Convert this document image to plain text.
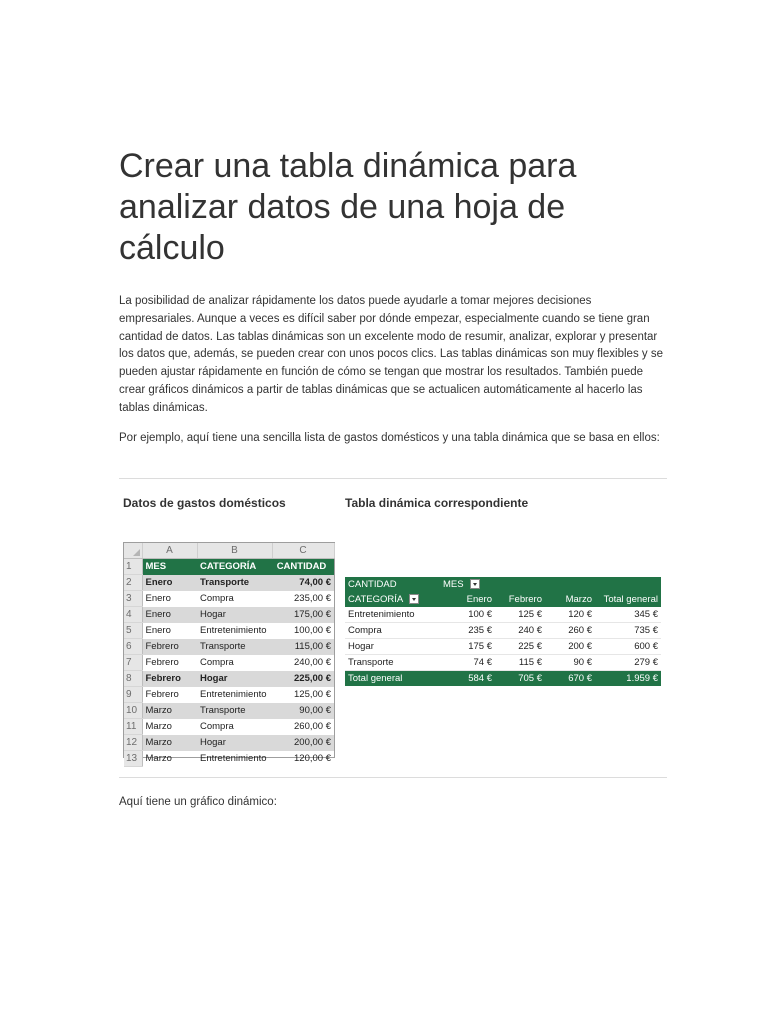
Crear una tabla dinámica para analizar datos de una hoja de cálculo

La posibilidad de analizar rápidamente los datos puede ayudarle a tomar mejores decisiones empresariales. Aunque a veces es difícil saber por dónde empezar, especialmente cuando se tiene gran cantidad de datos. Las tablas dinámicas son un excelente modo de resumir, analizar, explorar y presentar los datos que, además, se pueden crear con unos pocos clics. Las tablas dinámicas son muy flexibles y se pueden ajustar rápidamente en función de cómo se tengan que mostrar los resultados. También puede crear gráficos dinámicos a partir de tablas dinámicas que se actualicen automáticamente al hacerlo las tablas dinámicas.

Por ejemplo, aquí tiene una sencilla lista de gastos domésticos y una tabla dinámica que se basa en ellos:

Datos de gastos domésticos	Tabla dinámica correspondiente
	A	B	C
1	MES	CATEGORÍA	CANTIDAD
2	Enero	Transporte	74,00 €
3	Enero	Compra	235,00 €
4	Enero	Hogar	175,00 €
5	Enero	Entretenimiento	100,00 €
6	Febrero	Transporte	115,00 €
7	Febrero	Compra	240,00 €
8	Febrero	Hogar	225,00 €
9	Febrero	Entretenimiento	125,00 €
10	Marzo	Transporte	90,00 €
11	Marzo	Compra	260,00 €
12	Marzo	Hogar	200,00 €
13	Marzo	Entretenimiento	120,00 €
CANTIDAD	MES			
CATEGORÍA	Enero	Febrero	Marzo	Total general
Entretenimiento	100 €	125 €	120 €	345 €
Compra	235 €	240 €	260 €	735 €
Hogar	175 €	225 €	200 €	600 €
Transporte	74 €	115 €	90 €	279 €
Total general	584 €	705 €	670 €	1.959 €

Aquí tiene un gráfico dinámico:
